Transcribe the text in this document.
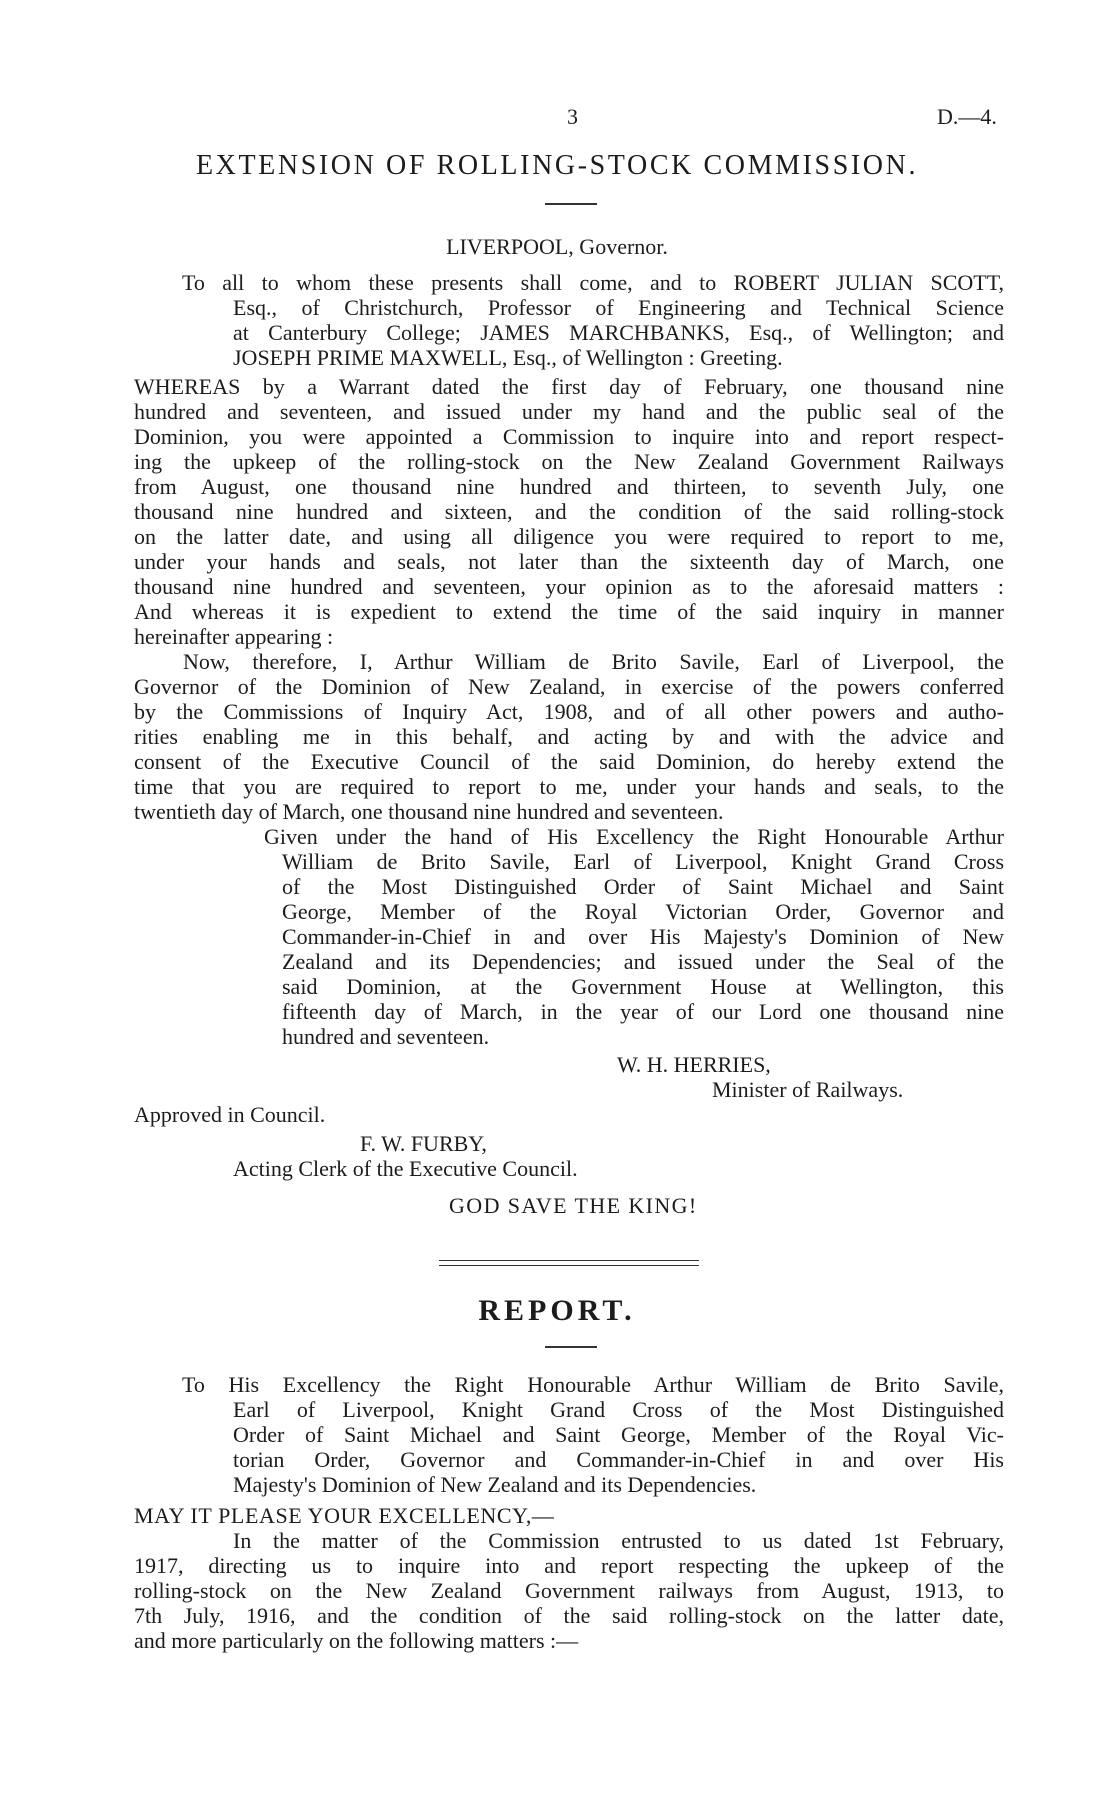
3	D.—4.
EXTENSION OF ROLLING-STOCK COMMISSION.
LIVERPOOL, Governor.
To all to whom these presents shall come, and to ROBERT JULIAN SCOTT,
Esq., of Christchurch, Professor of Engineering and Technical Science
at Canterbury College; JAMES MARCHBANKS, Esq., of Wellington; and
JOSEPH PRIME MAXWELL, Esq., of Wellington : Greeting.
WHEREAS by a Warrant dated the first day of February, one thousand nine
hundred and seventeen, and issued under my hand and the public seal of the
Dominion, you were appointed a Commission to inquire into and report respect-
ing the upkeep of the rolling-stock on the New Zealand Government Railways
from August, one thousand nine hundred and thirteen, to seventh July, one
thousand nine hundred and sixteen, and the condition of the said rolling-stock
on the latter date, and using all diligence you were required to report to me,
under your hands and seals, not later than the sixteenth day of March, one
thousand nine hundred and seventeen, your opinion as to the aforesaid matters :
And whereas it is expedient to extend the time of the said inquiry in manner
hereinafter appearing :
Now, therefore, I, Arthur William de Brito Savile, Earl of Liverpool, the
Governor of the Dominion of New Zealand, in exercise of the powers conferred
by the Commissions of Inquiry Act, 1908, and of all other powers and autho-
rities enabling me in this behalf, and acting by and with the advice and
consent of the Executive Council of the said Dominion, do hereby extend the
time that you are required to report to me, under your hands and seals, to the
twentieth day of March, one thousand nine hundred and seventeen.
Given under the hand of His Excellency the Right Honourable Arthur
William de Brito Savile, Earl of Liverpool, Knight Grand Cross
of the Most Distinguished Order of Saint Michael and Saint
George, Member of the Royal Victorian Order, Governor and
Commander-in-Chief in and over His Majesty's Dominion of New
Zealand and its Dependencies; and issued under the Seal of the
said Dominion, at the Government House at Wellington, this
fifteenth day of March, in the year of our Lord one thousand nine
hundred and seventeen.
W. H. HERRIES,
Minister of Railways.
Approved in Council.
F. W. FURBY,
Acting Clerk of the Executive Council.
GOD SAVE THE KING!
REPORT.
To His Excellency the Right Honourable Arthur William de Brito Savile,
Earl of Liverpool, Knight Grand Cross of the Most Distinguished
Order of Saint Michael and Saint George, Member of the Royal Vic-
torian Order, Governor and Commander-in-Chief in and over His
Majesty's Dominion of New Zealand and its Dependencies.
MAY IT PLEASE YOUR EXCELLENCY,—
In the matter of the Commission entrusted to us dated 1st February,
1917, directing us to inquire into and report respecting the upkeep of the
rolling-stock on the New Zealand Government railways from August, 1913, to
7th July, 1916, and the condition of the said rolling-stock on the latter date,
and more particularly on the following matters :—
